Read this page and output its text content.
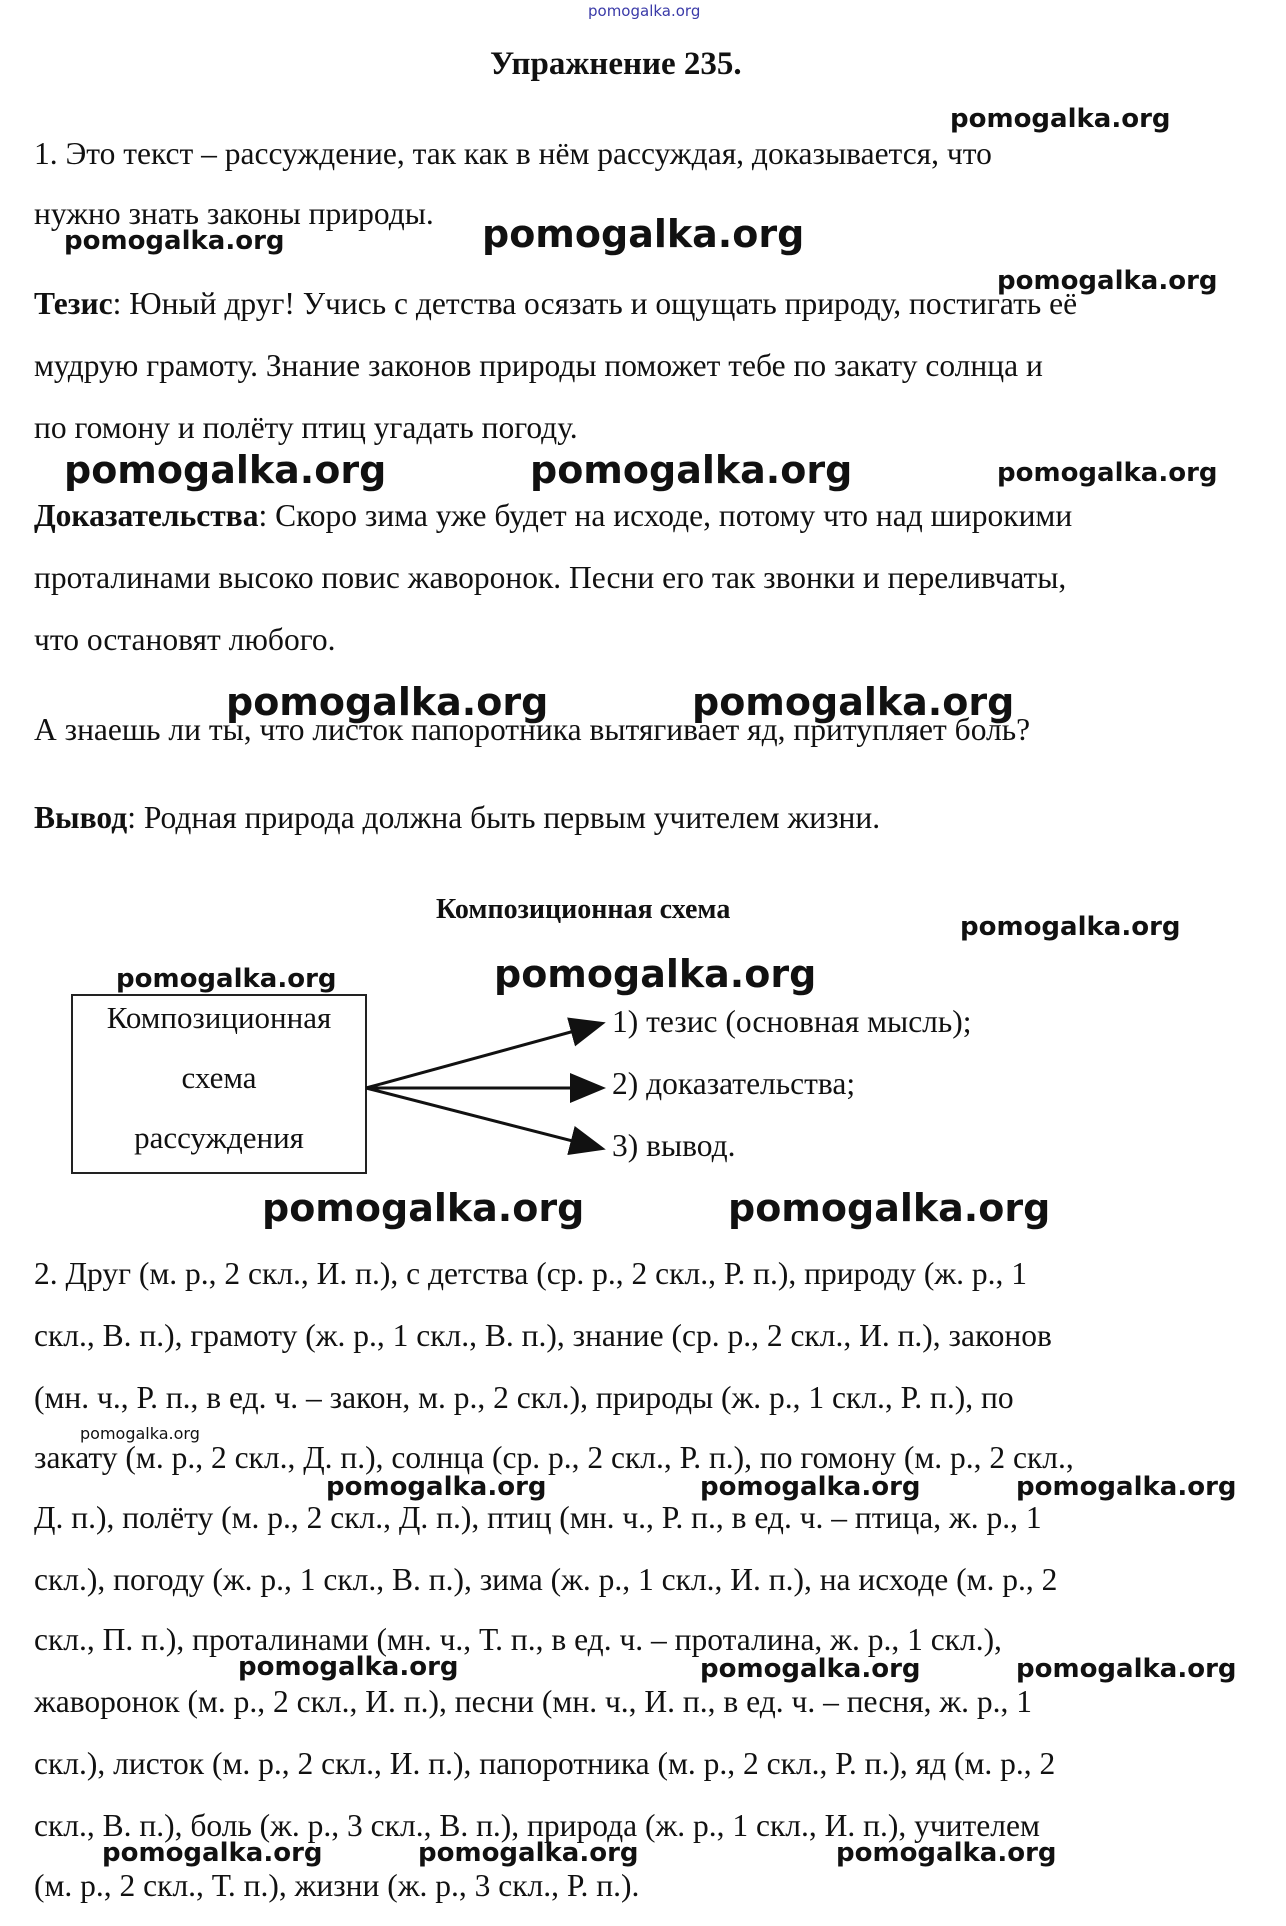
pomogalka.org
Упражнение 235.
pomogalka.org
pomogalka.org
pomogalka.org
pomogalka.org
pomogalka.org	pomogalka.org	pomogalka.org
pomogalka.org	pomogalka.org
pomogalka.org
pomogalka.org	pomogalka.org
pomogalka.org	pomogalka.org
pomogalka.org
pomogalka.org	pomogalka.org	pomogalka.org
pomogalka.org	pomogalka.org	pomogalka.org
pomogalka.org	pomogalka.org	pomogalka.org
1. Это текст – рассуждение, так как в нём рассуждая, доказывается, что
нужно знать законы природы.
Тезис: Юный друг! Учись с детства осязать и ощущать природу, постигать её
мудрую грамоту. Знание законов природы поможет тебе по закату солнца и
по гомону и полёту птиц угадать погоду.
Доказательства: Скоро зима уже будет на исходе, потому что над широкими
проталинами высоко повис жаворонок. Песни его так звонки и переливчаты,
что остановят любого.
А знаешь ли ты, что листок папоротника вытягивает яд, притупляет боль?
Вывод: Родная природа должна быть первым учителем жизни.
Композиционная схема
Композиционная
схема
рассуждения
1) тезис (основная мысль);
2) доказательства;
3) вывод.
2. Друг (м. р., 2 скл., И. п.), с детства (ср. р., 2 скл., Р. п.), природу (ж. р., 1
скл., В. п.), грамоту (ж. р., 1 скл., В. п.), знание (ср. р., 2 скл., И. п.), законов
(мн. ч., Р. п., в ед. ч. – закон, м. р., 2 скл.), природы (ж. р., 1 скл., Р. п.), по
закату (м. р., 2 скл., Д. п.), солнца (ср. р., 2 скл., Р. п.), по гомону (м. р., 2 скл.,
Д. п.), полёту (м. р., 2 скл., Д. п.), птиц (мн. ч., Р. п., в ед. ч. – птица, ж. р., 1
скл.), погоду (ж. р., 1 скл., В. п.), зима (ж. р., 1 скл., И. п.), на исходе (м. р., 2
скл., П. п.), проталинами (мн. ч., Т. п., в ед. ч. – проталина, ж. р., 1 скл.),
жаворонок (м. р., 2 скл., И. п.), песни (мн. ч., И. п., в ед. ч. – песня, ж. р., 1
скл.), листок (м. р., 2 скл., И. п.), папоротника (м. р., 2 скл., Р. п.), яд (м. р., 2
скл., В. п.), боль (ж. р., 3 скл., В. п.), природа (ж. р., 1 скл., И. п.), учителем
(м. р., 2 скл., Т. п.), жизни (ж. р., 3 скл., Р. п.).
